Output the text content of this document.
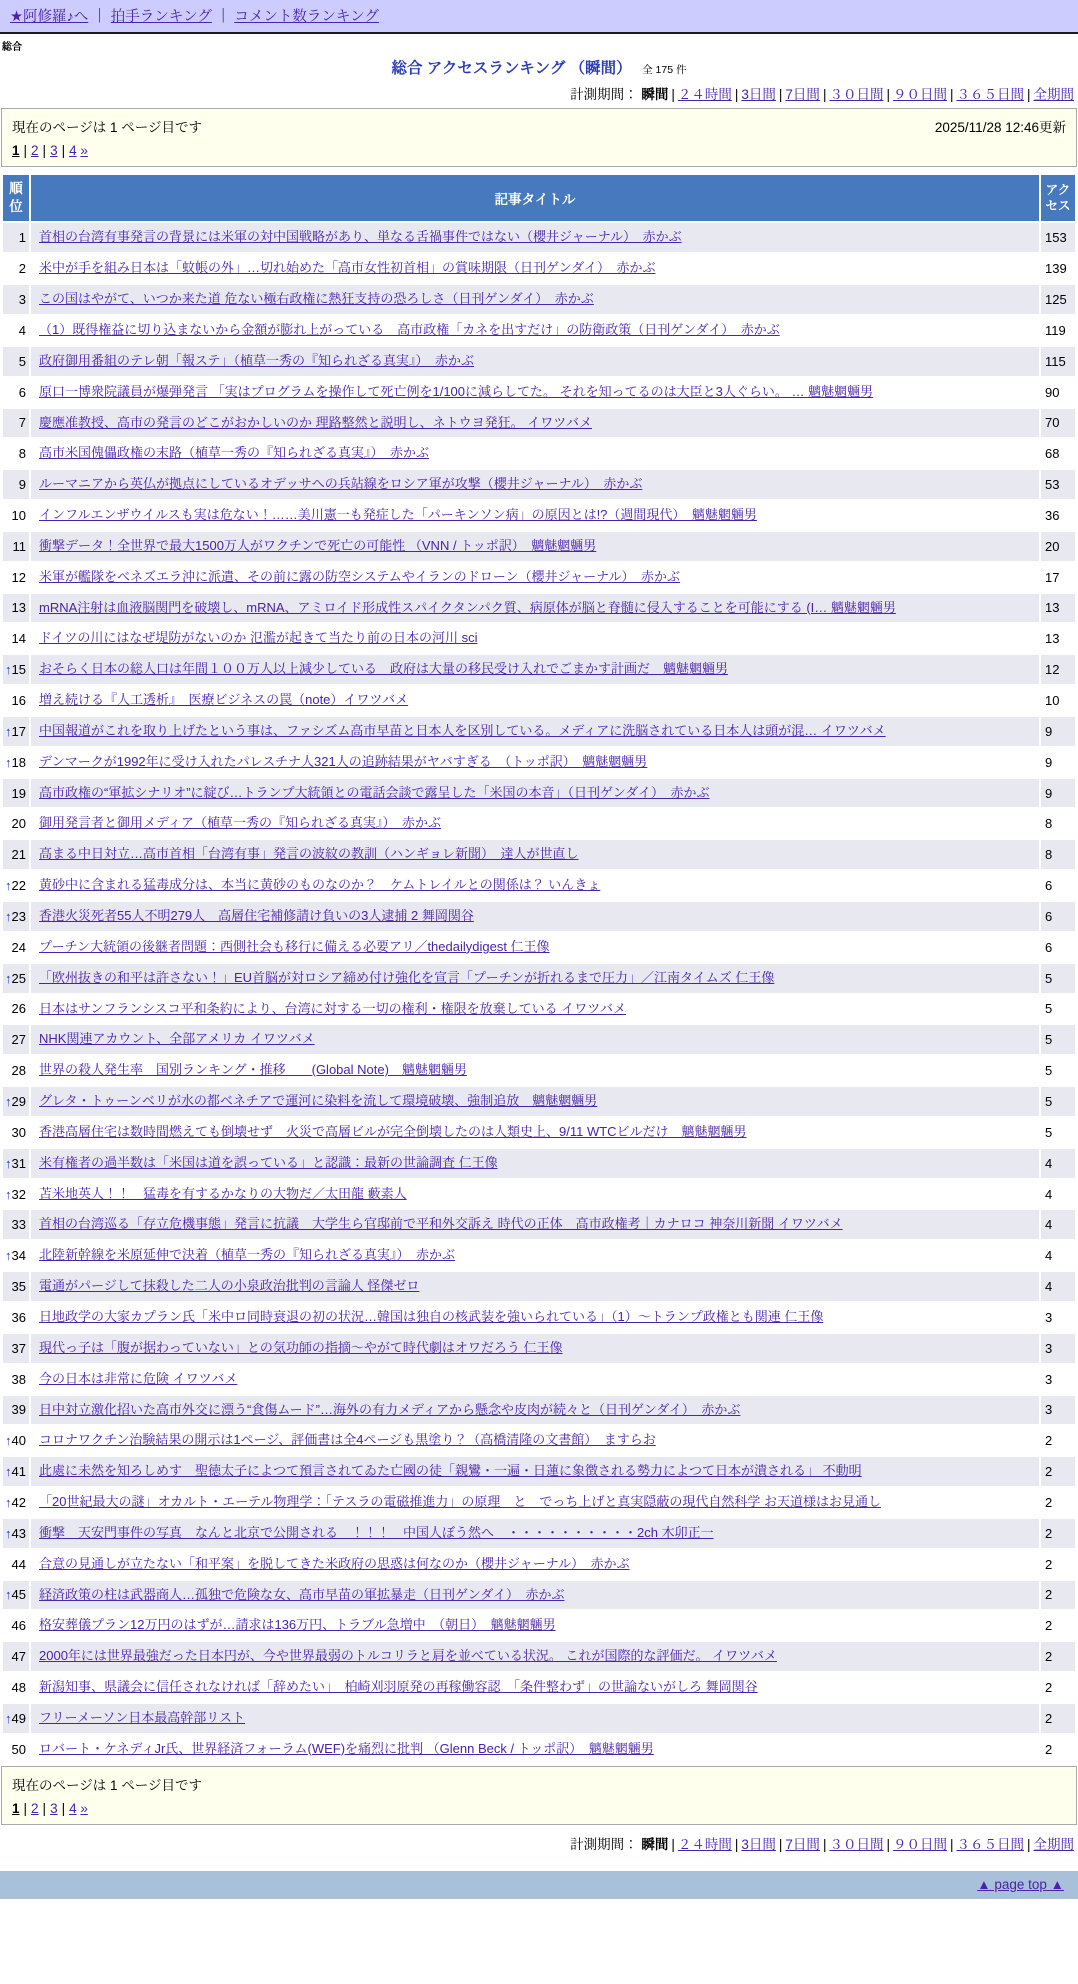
★阿修羅♪へ ｜ 拍手ランキング ｜ コメント数ランキング
総合
総合 アクセスランキング （瞬間） 全 175 件
計測期間： 瞬間 | ２４時間 | 3日間 | 7日間 | ３０日間 | ９０日間 | ３６５日間 | 全期間
現在のページは 1 ページ目です	2025/11/28 12:46更新
1 | 2 | 3 | 4 »
順位	記事タイトル	アクセス

1	首相の台湾有事発言の背景には米軍の対中国戦略があり、単なる舌禍事件ではない（櫻井ジャーナル）　赤かぶ	153

2	米中が手を組み日本は「蚊帳の外」…切れ始めた「高市女性初首相」の賞味期限（日刊ゲンダイ）　赤かぶ	139

3	この国はやがて、いつか来た道 危ない極右政権に熱狂支持の恐ろしさ（日刊ゲンダイ）　赤かぶ	125

4	（1）既得権益に切り込まないから金額が膨れ上がっている　高市政権「カネを出すだけ」の防衛政策（日刊ゲンダイ）　赤かぶ	119

5	政府御用番組のテレ朝「報ステ」（植草一秀の『知られざる真実』）　赤かぶ	115

6	原口一博衆院議員が爆弾発言 「実はプログラムを操作して死亡例を1/100に減らしてた。 それを知ってるのは大臣と3人ぐらい。 … 魑魅魍魎男	90

7	慶應准教授、高市の発言のどこがおかしいのか 理路整然と説明し、ネトウヨ発狂。 イワツバメ	70

8	高市米国傀儡政権の末路（植草一秀の『知られざる真実』）　赤かぶ	68

9	ルーマニアから英仏が拠点にしているオデッサへの兵站線をロシア軍が攻撃（櫻井ジャーナル）　赤かぶ	53

10	インフルエンザウイルスも実は危ない！……美川憲一も発症した「パーキンソン病」の原因とは!?（週間現代）　魑魅魍魎男	36

11	衝撃データ！全世界で最大1500万人がワクチンで死亡の可能性 （VNN / トッポ訳）　魑魅魍魎男	20

12	米軍が艦隊をベネズエラ沖に派遣、その前に露の防空システムやイランのドローン（櫻井ジャーナル）　赤かぶ	17

13	mRNA注射は血液脳関門を破壊し、mRNA、アミロイド形成性スパイクタンパク質、病原体が脳と脊髄に侵入することを可能にする (I… 魑魅魍魎男	13

14	ドイツの川にはなぜ堤防がないのか 氾濫が起きて当たり前の日本の河川 sci	13

↑ 15	おそらく日本の総人口は年間１００万人以上減少している　政府は大量の移民受け入れでごまかす計画だ　魑魅魍魎男	12

16	増え続ける『人工透析』　医療ビジネスの罠（note）イワツバメ	10

↑ 17	中国報道がこれを取り上げたという事は、ファシズム高市早苗と日本人を区別している。メディアに洗脳されている日本人は頭が混… イワツバメ	9

↑ 18	デンマークが1992年に受け入れたパレスチナ人321人の追跡結果がヤバすぎる　（トッポ訳）　魑魅魍魎男	9

19	高市政権の“軍拡シナリオ”に綻び…トランプ大統領との電話会談で露呈した「米国の本音」（日刊ゲンダイ）　赤かぶ	9

20	御用発言者と御用メディア（植草一秀の『知られざる真実』）　赤かぶ	8

21	高まる中日対立…高市首相「台湾有事」発言の波紋の教訓（ハンギョレ新聞）　達人が世直し	8

↑ 22	黄砂中に含まれる猛毒成分は、本当に黄砂のものなのか？　ケムトレイルとの関係は？ いんきょ	6

↑ 23	香港火災死者55人不明279人　高層住宅補修請け負いの3人逮捕 2 舞岡関谷	6

24	プーチン大統領の後継者問題：西側社会も移行に備える必要アリ／thedailydigest 仁王像	6

↑ 25	「欧州抜きの和平は許さない！」EU首脳が対ロシア締め付け強化を宣言「プーチンが折れるまで圧力」／江南タイムズ 仁王像	5

26	日本はサンフランシスコ平和条約により、台湾に対する一切の権利・権限を放棄している イワツバメ	5

27	NHK関連アカウント、全部アメリカ イワツバメ	5

28	世界の殺人発生率　国別ランキング・推移　　(Global Note)　魑魅魍魎男	5

↑ 29	グレタ・トゥーンベリが水の都ベネチアで運河に染料を流して環境破壊、強制追放　魑魅魍魎男	5

30	香港高層住宅は数時間燃えても倒壊せず　火災で高層ビルが完全倒壊したのは人類史上、9/11 WTCビルだけ　魑魅魍魎男	5

↑ 31	米有権者の過半数は「米国は道を誤っている」と認識：最新の世論調査 仁王像	4

↑ 32	苫米地英人！！　猛毒を有するかなりの大物だ／太田龍 藪素人	4

33	首相の台湾巡る「存立危機事態」発言に抗議　大学生ら官邸前で平和外交訴え 時代の正体　高市政権考｜カナロコ 神奈川新聞 イワツバメ	4

↑ 34	北陸新幹線を米原延伸で決着（植草一秀の『知られざる真実』）　赤かぶ	4

35	電通がパージして抹殺した二人の小泉政治批判の言論人 怪傑ゼロ	4

36	日地政学の大家カプラン氏「米中ロ同時衰退の初の状況…韓国は独自の核武装を強いられている」（1）〜トランプ政権とも関連 仁王像	3

37	現代っ子は「腹が据わっていない」との気功師の指摘〜やがて時代劇はオワだろう 仁王像	3

38	今の日本は非常に危険 イワツバメ	3

39	日中対立激化招いた高市外交に漂う“食傷ムード”…海外の有力メディアから懸念や皮肉が続々と（日刊ゲンダイ）　赤かぶ	3

↑ 40	コロナワクチン治験結果の開示は1ページ、評価書は全4ページも黒塗り？（高橋清隆の文書館）　ますらお	2

↑ 41	此處に未然を知ろしめす　聖徳太子によつて預言されてゐた亡國の徒「親鸞・一遍・日蓮に象徴される勢力によつて日本が潰される」 不動明	2

↑ 42	「20世紀最大の謎」オカルト・エーテル物理学：「テスラの電磁推進力」の原理　と　でっち上げと真実隠蔽の現代自然科学 お天道様はお見通し	2

↑ 43	衝撃　天安門事件の写真　なんと北京で公開される　！！！　中国人ぼう然へ　・・・・・・・・・・2ch 木卯正一	2

44	合意の見通しが立たない「和平案」を脱してきた米政府の思惑は何なのか（櫻井ジャーナル）　赤かぶ	2

↑ 45	経済政策の柱は武器商人…孤独で危険な女、高市早苗の軍拡暴走（日刊ゲンダイ）　赤かぶ	2

46	格安葬儀プラン12万円のはずが…請求は136万円、トラブル急増中　（朝日）　魑魅魍魎男	2

47	2000年には世界最強だった日本円が、今や世界最弱のトルコリラと肩を並べている状況。 これが国際的な評価だ。 イワツバメ	2

48	新潟知事、県議会に信任されなければ「辞めたい」　柏崎刈羽原発の再稼働容認　「条件整わず」の世論ないがしろ 舞岡関谷	2

↑ 49	フリーメーソン日本最高幹部リスト	2

50	ロバート・ケネディJr氏、世界経済フォーラム(WEF)を痛烈に批判 （Glenn Beck / トッポ訳）　魑魅魍魎男	2
現在のページは 1 ページ目です
1 | 2 | 3 | 4 »
計測期間： 瞬間 | ２４時間 | 3日間 | 7日間 | ３０日間 | ９０日間 | ３６５日間 | 全期間
▲ page top ▲
